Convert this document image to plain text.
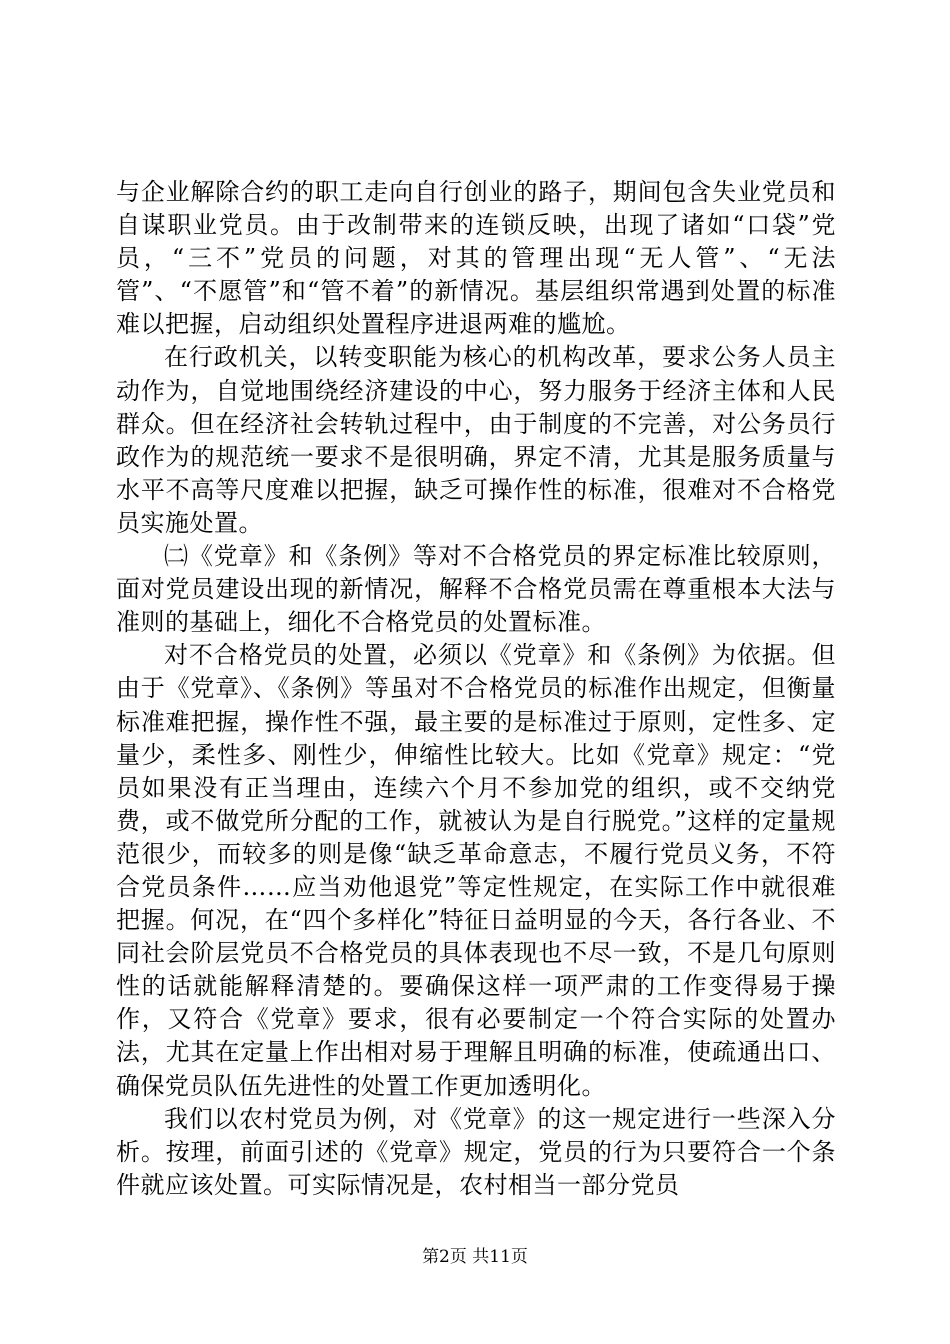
与企业解除合约的职工走向自行创业的路子，期间包含失业党员和自谋职业党员。由于改制带来的连锁反映，出现了诸如“口袋”党员，“三不”党员的问题，对其的管理出现“无人管”、“无法管”、“不愿管”和“管不着”的新情况。基层组织常遇到处置的标准难以把握，启动组织处置程序进退两难的尴尬。

在行政机关，以转变职能为核心的机构改革，要求公务人员主动作为，自觉地围绕经济建设的中心，努力服务于经济主体和人民群众。但在经济社会转轨过程中，由于制度的不完善，对公务员行政作为的规范统一要求不是很明确，界定不清，尤其是服务质量与水平不高等尺度难以把握，缺乏可操作性的标准，很难对不合格党员实施处置。

㈡《党章》和《条例》等对不合格党员的界定标准比较原则，面对党员建设出现的新情况，解释不合格党员需在尊重根本大法与准则的基础上，细化不合格党员的处置标准。

对不合格党员的处置，必须以《党章》和《条例》为依据。但由于《党章》、《条例》等虽对不合格党员的标准作出规定，但衡量标准难把握，操作性不强，最主要的是标准过于原则，定性多、定量少，柔性多、刚性少，伸缩性比较大。比如《党章》规定：“党员如果没有正当理由，连续六个月不参加党的组织，或不交纳党费，或不做党所分配的工作，就被认为是自行脱党。”这样的定量规范很少，而较多的则是像“缺乏革命意志，不履行党员义务，不符合党员条件……应当劝他退党”等定性规定，在实际工作中就很难把握。何况，在“四个多样化”特征日益明显的今天，各行各业、不同社会阶层党员不合格党员的具体表现也不尽一致，不是几句原则性的话就能解释清楚的。要确保这样一项严肃的工作变得易于操作，又符合《党章》要求，很有必要制定一个符合实际的处置办法，尤其在定量上作出相对易于理解且明确的标准，使疏通出口、确保党员队伍先进性的处置工作更加透明化。

我们以农村党员为例，对《党章》的这一规定进行一些深入分析。按理，前面引述的《党章》规定，党员的行为只要符合一个条件就应该处置。可实际情况是，农村相当一部分党员

第2页 共11页
